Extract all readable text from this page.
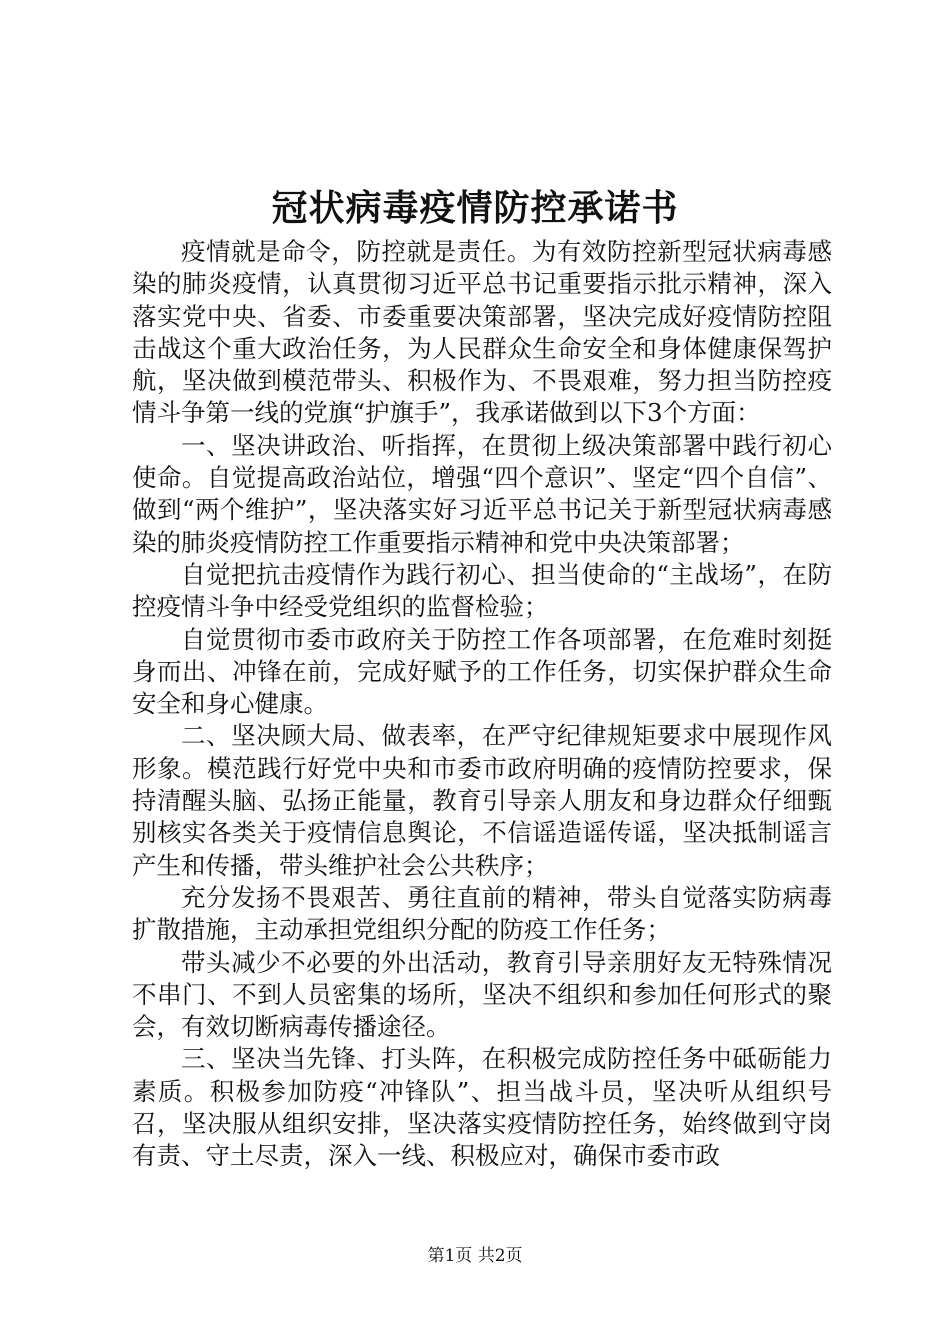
冠状病毒疫情防控承诺书

疫情就是命令，防控就是责任。为有效防控新型冠状病毒感染的肺炎疫情，认真贯彻习近平总书记重要指示批示精神，深入落实党中央、省委、市委重要决策部署，坚决完成好疫情防控阻击战这个重大政治任务，为人民群众生命安全和身体健康保驾护航，坚决做到模范带头、积极作为、不畏艰难，努力担当防控疫情斗争第一线的党旗“护旗手”，我承诺做到以下3个方面：

一、坚决讲政治、听指挥，在贯彻上级决策部署中践行初心使命。自觉提高政治站位，增强“四个意识”、坚定“四个自信”、做到“两个维护”，坚决落实好习近平总书记关于新型冠状病毒感染的肺炎疫情防控工作重要指示精神和党中央决策部署；

自觉把抗击疫情作为践行初心、担当使命的“主战场”，在防控疫情斗争中经受党组织的监督检验；

自觉贯彻市委市政府关于防控工作各项部署，在危难时刻挺身而出、冲锋在前，完成好赋予的工作任务，切实保护群众生命安全和身心健康。

二、坚决顾大局、做表率，在严守纪律规矩要求中展现作风形象。模范践行好党中央和市委市政府明确的疫情防控要求，保持清醒头脑、弘扬正能量，教育引导亲人朋友和身边群众仔细甄别核实各类关于疫情信息舆论，不信谣造谣传谣，坚决抵制谣言产生和传播，带头维护社会公共秩序；

充分发扬不畏艰苦、勇往直前的精神，带头自觉落实防病毒扩散措施，主动承担党组织分配的防疫工作任务；

带头减少不必要的外出活动，教育引导亲朋好友无特殊情况不串门、不到人员密集的场所，坚决不组织和参加任何形式的聚会，有效切断病毒传播途径。

三、坚决当先锋、打头阵，在积极完成防控任务中砥砺能力素质。积极参加防疫“冲锋队”、担当战斗员，坚决听从组织号召，坚决服从组织安排，坚决落实疫情防控任务，始终做到守岗有责、守土尽责，深入一线、积极应对，确保市委市政

第1页 共2页
